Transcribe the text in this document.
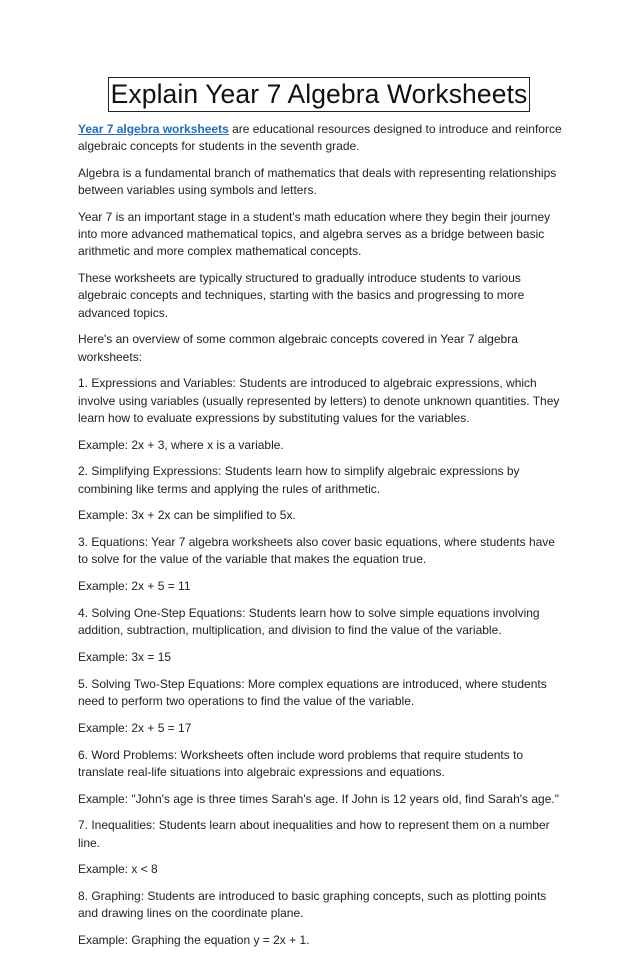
Explain Year 7 Algebra Worksheets

Year 7 algebra worksheets are educational resources designed to introduce and reinforce algebraic concepts for students in the seventh grade.

Algebra is a fundamental branch of mathematics that deals with representing relationships between variables using symbols and letters.

Year 7 is an important stage in a student's math education where they begin their journey into more advanced mathematical topics, and algebra serves as a bridge between basic arithmetic and more complex mathematical concepts.

These worksheets are typically structured to gradually introduce students to various algebraic concepts and techniques, starting with the basics and progressing to more advanced topics.

Here's an overview of some common algebraic concepts covered in Year 7 algebra worksheets:

1. Expressions and Variables: Students are introduced to algebraic expressions, which involve using variables (usually represented by letters) to denote unknown quantities. They learn how to evaluate expressions by substituting values for the variables.

Example: 2x + 3, where x is a variable.

2. Simplifying Expressions: Students learn how to simplify algebraic expressions by combining like terms and applying the rules of arithmetic.

Example: 3x + 2x can be simplified to 5x.

3. Equations: Year 7 algebra worksheets also cover basic equations, where students have to solve for the value of the variable that makes the equation true.

Example: 2x + 5 = 11

4. Solving One-Step Equations: Students learn how to solve simple equations involving addition, subtraction, multiplication, and division to find the value of the variable.

Example: 3x = 15

5. Solving Two-Step Equations: More complex equations are introduced, where students need to perform two operations to find the value of the variable.

Example: 2x + 5 = 17

6. Word Problems: Worksheets often include word problems that require students to translate real-life situations into algebraic expressions and equations.

Example: "John's age is three times Sarah's age. If John is 12 years old, find Sarah's age."

7. Inequalities: Students learn about inequalities and how to represent them on a number line.

Example: x < 8

8. Graphing: Students are introduced to basic graphing concepts, such as plotting points and drawing lines on the coordinate plane.

Example: Graphing the equation y = 2x + 1.
